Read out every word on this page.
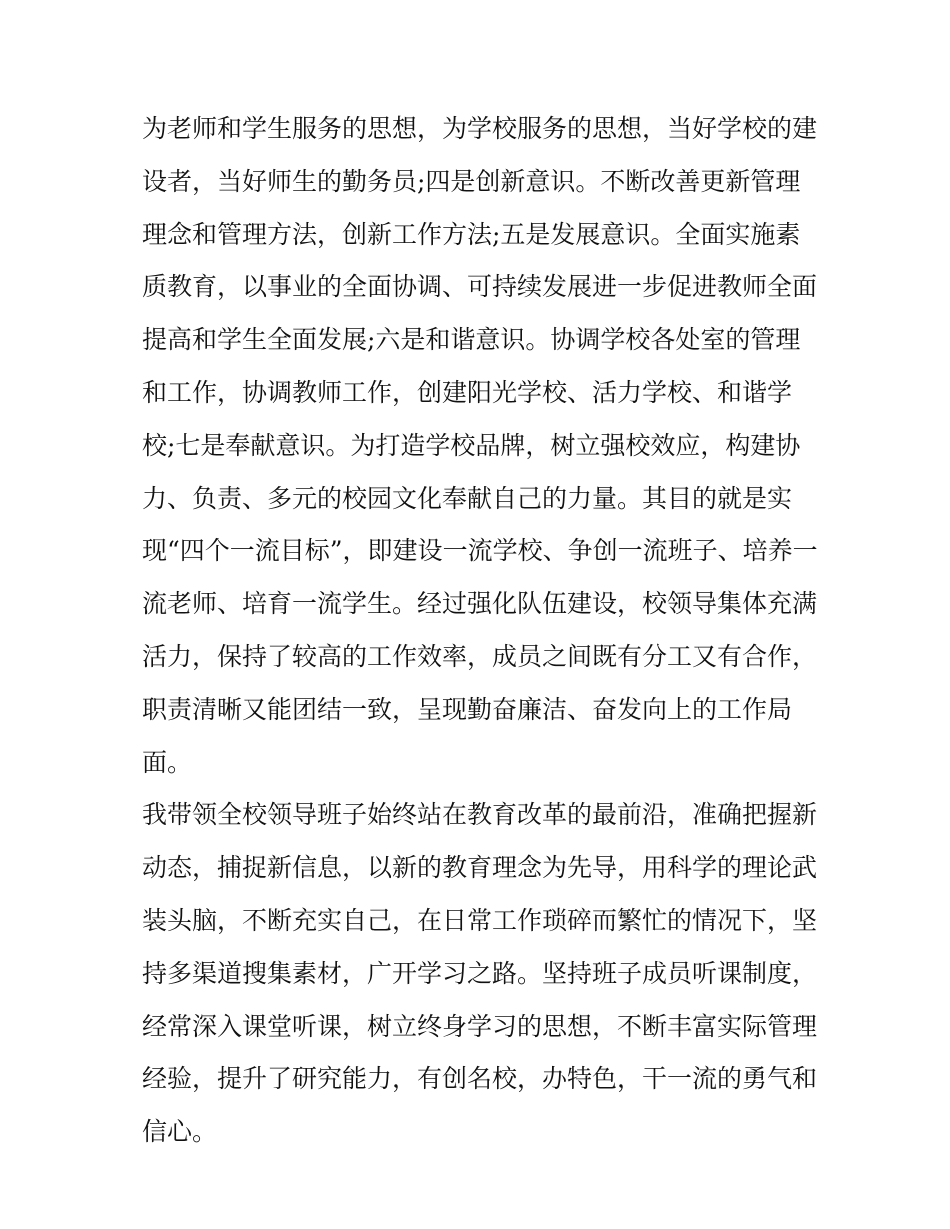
为老师和学生服务的思想，为学校服务的思想，当好学校的建
设者，当好师生的勤务员;四是创新意识。不断改善更新管理
理念和管理方法，创新工作方法;五是发展意识。全面实施素
质教育，以事业的全面协调、可持续发展进一步促进教师全面
提高和学生全面发展;六是和谐意识。协调学校各处室的管理
和工作，协调教师工作，创建阳光学校、活力学校、和谐学
校;七是奉献意识。为打造学校品牌，树立强校效应，构建协
力、负责、多元的校园文化奉献自己的力量。其目的就是实
现“四个一流目标”，即建设一流学校、争创一流班子、培养一
流老师、培育一流学生。经过强化队伍建设，校领导集体充满
活力，保持了较高的工作效率，成员之间既有分工又有合作，
职责清晰又能团结一致，呈现勤奋廉洁、奋发向上的工作局
面。
我带领全校领导班子始终站在教育改革的最前沿，准确把握新
动态，捕捉新信息，以新的教育理念为先导，用科学的理论武
装头脑，不断充实自己，在日常工作琐碎而繁忙的情况下，坚
持多渠道搜集素材，广开学习之路。坚持班子成员听课制度，
经常深入课堂听课，树立终身学习的思想，不断丰富实际管理
经验，提升了研究能力，有创名校，办特色，干一流的勇气和
信心。
